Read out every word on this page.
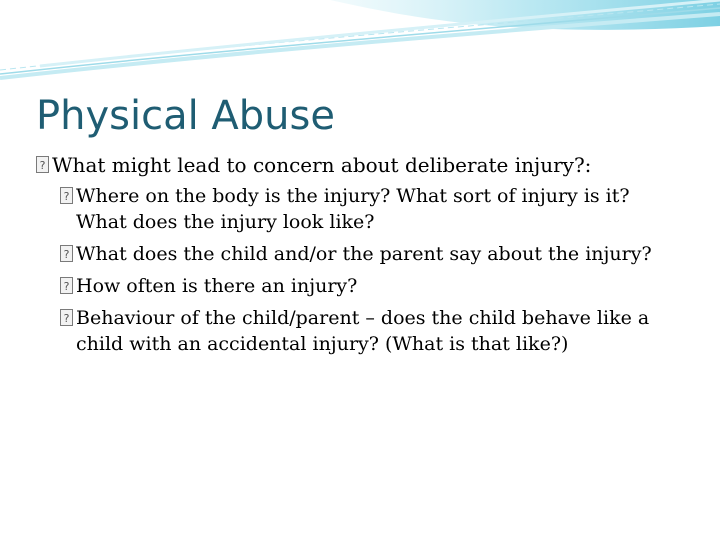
Physical Abuse
?
What might lead to concern about deliberate injury?:
?
Where on the body is the injury? What sort of injury is it? What does the injury look like?
?
What does the child and/or the parent say about the injury?
?
How often is there an injury?
?
Behaviour of the child/parent – does the child behave like a child with an accidental injury? (What is that like?)
